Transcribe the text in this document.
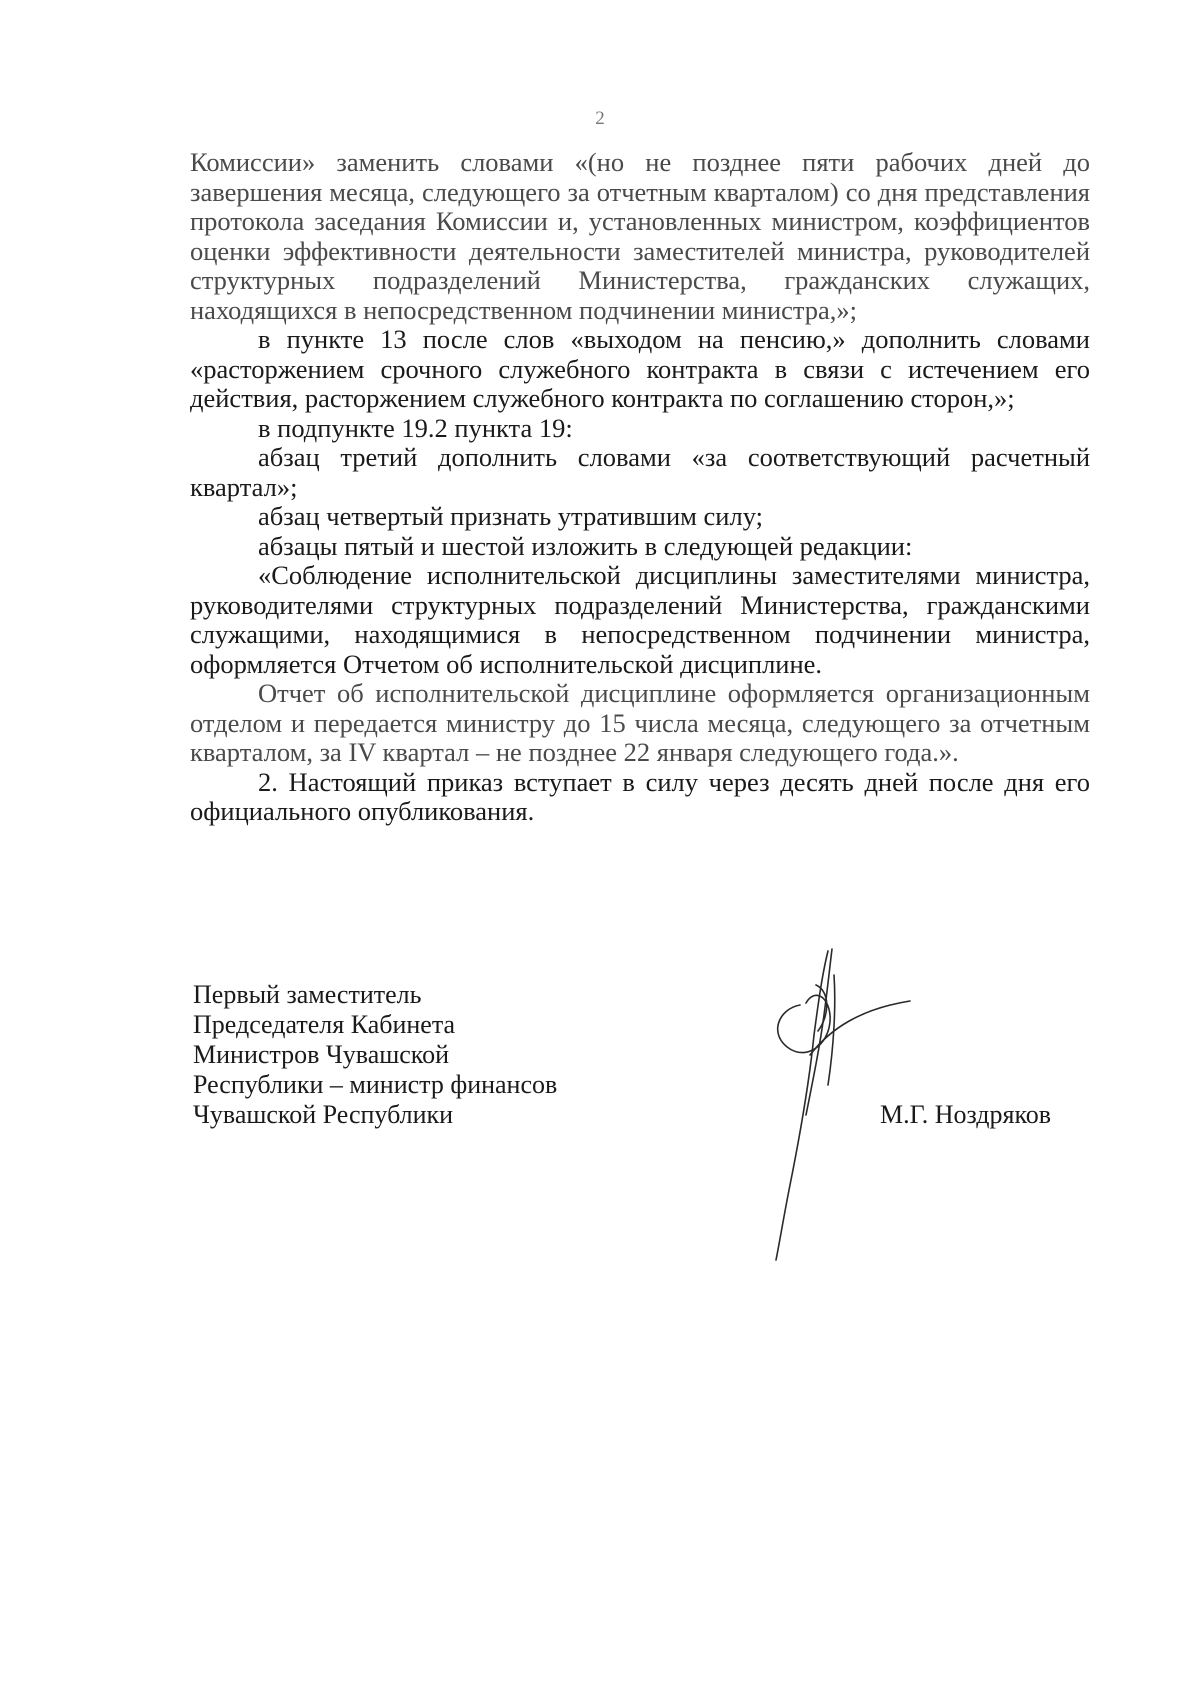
2

Комиссии» заменить словами «(но не позднее пяти рабочих дней до завершения месяца, следующего за отчетным кварталом) со дня представления протокола заседания Комиссии и, установленных министром, коэффициентов оценки эффективности деятельности заместителей министра, руководителей структурных подразделений Министерства, гражданских служащих, находящихся в непосредственном подчинении министра,»;

в пункте 13 после слов «выходом на пенсию,» дополнить словами «расторжением срочного служебного контракта в связи с истечением его действия, расторжением служебного контракта по соглашению сторон,»;

в подпункте 19.2 пункта 19:

абзац третий дополнить словами «за соответствующий расчетный квартал»;

абзац четвертый признать утратившим силу;

абзацы пятый и шестой изложить в следующей редакции:

«Соблюдение исполнительской дисциплины заместителями министра, руководителями структурных подразделений Министерства, гражданскими служащими, находящимися в непосредственном подчинении министра, оформляется Отчетом об исполнительской дисциплине.

Отчет об исполнительской дисциплине оформляется организационным отделом и передается министру до 15 числа месяца, следующего за отчетным кварталом, за IV квартал – не позднее 22 января следующего года.».

2. Настоящий приказ вступает в силу через десять дней после дня его официального опубликования.

Первый заместитель
Председателя Кабинета
Министров Чувашской
Республики – министр финансов
Чувашской Республики	М.Г. Ноздряков
